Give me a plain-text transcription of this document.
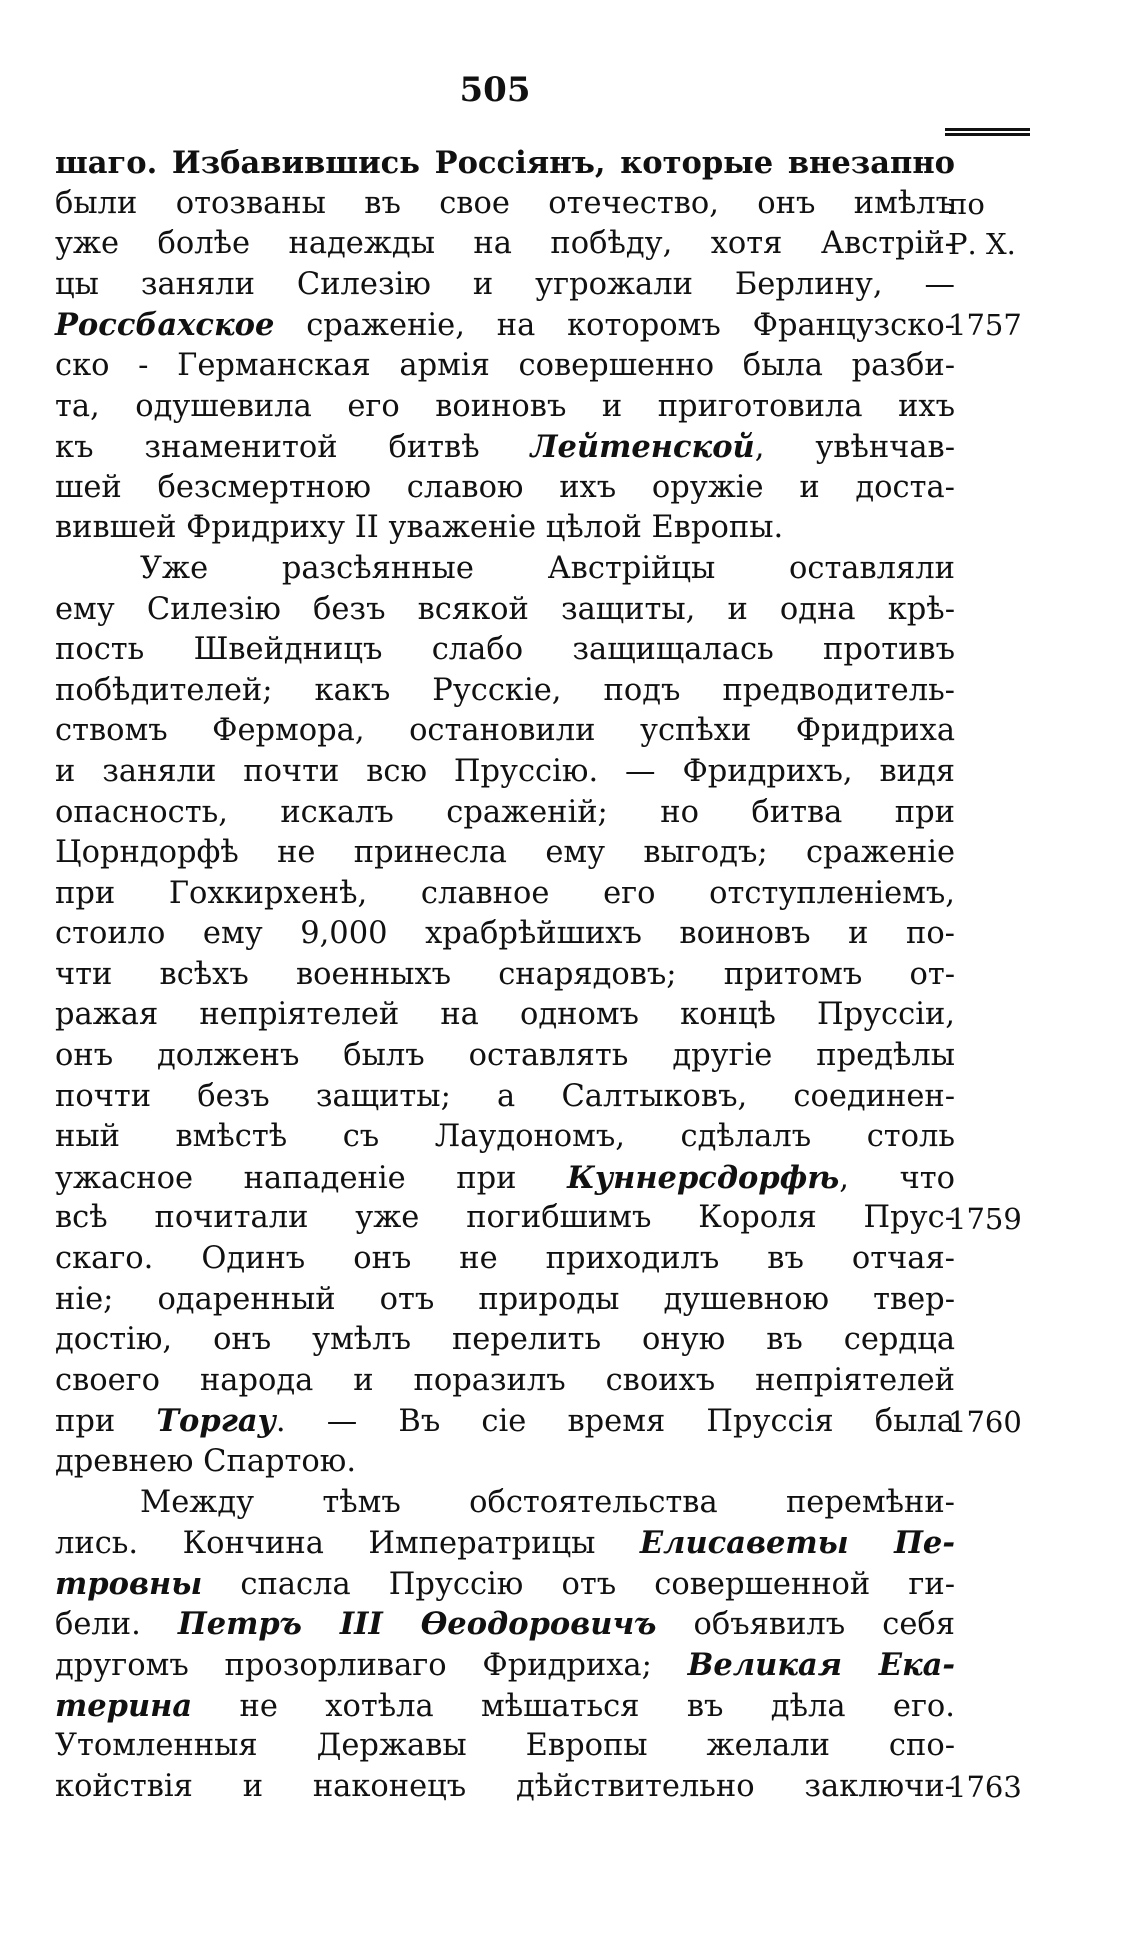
505
шаго. Избавившись Россіянъ, которые внезапно
были отозваны въ свое отечество, онъ имѣлъ
уже болѣе надежды на побѣду, хотя Австрій-
цы заняли Силезію и угрожали Берлину, —
Россбахское сраженіе, на которомъ Французско-
ско - Германская армія совершенно была разби-
та, одушевила его воиновъ и приготовила ихъ
къ знаменитой битвѣ Лейтенской, увѣнчав-
шей безсмертною славою ихъ оружіе и доста-
вившей Фридриху II уваженіе цѣлой Европы.
Уже разсѣянные Австрійцы оставляли
ему Силезію безъ всякой защиты, и одна крѣ-
пость Швейдницъ слабо защищалась противъ
побѣдителей; какъ Русскіе, подъ предводитель-
ствомъ Фермора, остановили успѣхи Фридриха
и заняли почти всю Пруссію. — Фридрихъ, видя
опасность, искалъ сраженій; но битва при
Цорндорфѣ не принесла ему выгодъ; сраженіе
при Гохкирхенѣ, славное его отступленіемъ,
стоило ему 9,000 храбрѣйшихъ воиновъ и по-
чти всѣхъ военныхъ снарядовъ; притомъ от-
ражая непріятелей на одномъ концѣ Пруссіи,
онъ долженъ былъ оставлять другіе предѣлы
почти безъ защиты; а Салтыковъ, соединен-
ный вмѣстѣ съ Лаудономъ, сдѣлалъ столь
ужасное нападеніе при Куннерсдорфѣ, что
всѣ почитали уже погибшимъ Короля Прус-
скаго. Одинъ онъ не приходилъ въ отчая-
ніе; одаренный отъ природы душевною твер-
достію, онъ умѣлъ перелить оную въ сердца
своего народа и поразилъ своихъ непріятелей
при Торгау. — Въ сіе время Пруссія была
древнею Спартою.
Между тѣмъ обстоятельства перемѣни-
лись. Кончина Императрицы Елисаветы Пе-
тровны спасла Пруссію отъ совершенной ги-
бели. Петръ III Ѳеодоровичъ объявилъ себя
другомъ прозорливаго Фридриха; Великая Ека-
терина не хотѣла мѣшаться въ дѣла его.
Утомленныя Державы Европы желали спо-
койствія и наконецъ дѣйствительно заключи-
по
Р. Х.
1757
1759
1760
1763
